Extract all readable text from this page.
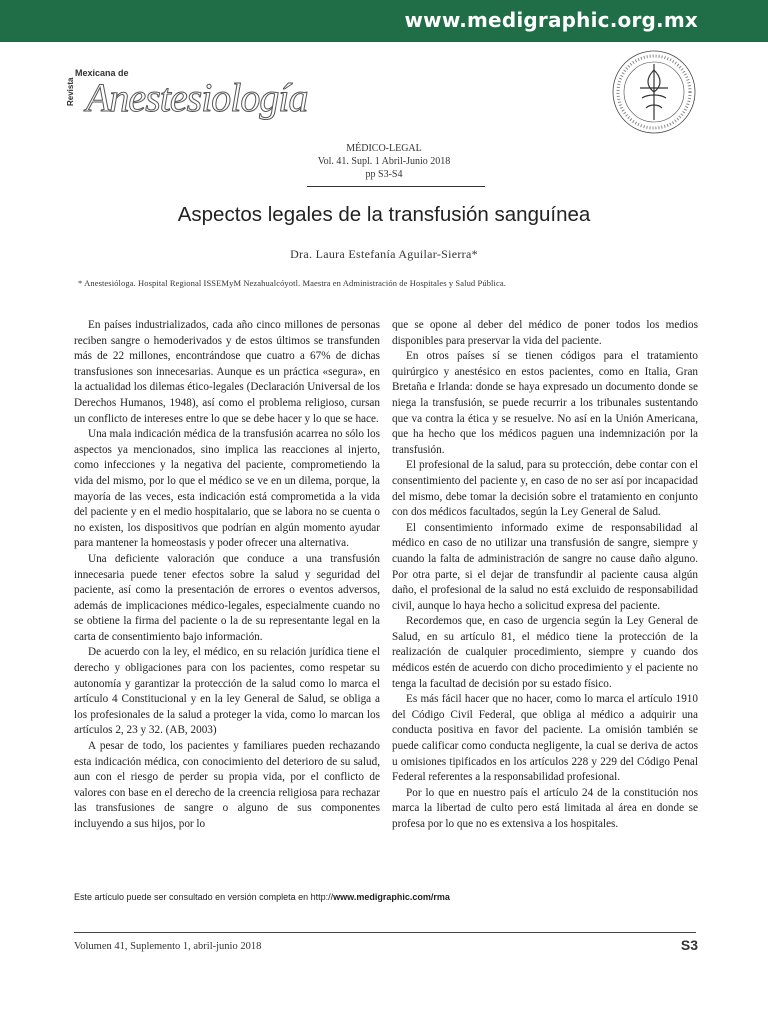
www.medigraphic.org.mx
Mexicana de
Revista Anestesiología
MÉDICO-LEGAL
Vol. 41. Supl. 1 Abril-Junio 2018
pp S3-S4
Aspectos legales de la transfusión sanguínea
Dra. Laura Estefanía Aguilar-Sierra*
* Anestesióloga. Hospital Regional ISSEMyM Nezahualcóyotl. Maestra en Administración de Hospitales y Salud Pública.

En países industrializados, cada año cinco millones de personas reciben sangre o hemoderivados y de estos últimos se transfunden más de 22 millones, encontrándose que cuatro a 67% de dichas transfusiones son innecesarias. Aunque es un práctica «segura», en la actualidad los dilemas ético-legales (Declaración Universal de los Derechos Humanos, 1948), así como el problema religioso, cursan un conflicto de intereses entre lo que se debe hacer y lo que se hace.

Una mala indicación médica de la transfusión acarrea no sólo los aspectos ya mencionados, sino implica las reacciones al injerto, como infecciones y la negativa del paciente, comprometiendo la vida del mismo, por lo que el médico se ve en un dilema, porque, la mayoría de las veces, esta indicación está comprometida a la vida del paciente y en el medio hospitalario, que se labora no se cuenta o no existen, los dispositivos que podrían en algún momento ayudar para mantener la homeostasis y poder ofrecer una alternativa.

Una deficiente valoración que conduce a una transfusión innecesaria puede tener efectos sobre la salud y seguridad del paciente, así como la presentación de errores o eventos adversos, además de implicaciones médico-legales, especialmente cuando no se obtiene la firma del paciente o la de su representante legal en la carta de consentimiento bajo información.

De acuerdo con la ley, el médico, en su relación jurídica tiene el derecho y obligaciones para con los pacientes, como respetar su autonomía y garantizar la protección de la salud como lo marca el artículo 4 Constitucional y en la ley General de Salud, se obliga a los profesionales de la salud a proteger la vida, como lo marcan los artículos 2, 23 y 32. (AB, 2003)

A pesar de todo, los pacientes y familiares pueden rechazando esta indicación médica, con conocimiento del deterioro de su salud, aun con el riesgo de perder su propia vida, por el conflicto de valores con base en el derecho de la creencia religiosa para rechazar las transfusiones de sangre o alguno de sus componentes incluyendo a sus hijos, por lo

que se opone al deber del médico de poner todos los medios disponibles para preservar la vida del paciente.

En otros países sí se tienen códigos para el tratamiento quirúrgico y anestésico en estos pacientes, como en Italia, Gran Bretaña e Irlanda: donde se haya expresado un documento donde se niega la transfusión, se puede recurrir a los tribunales sustentando que va contra la ética y se resuelve. No así en la Unión Americana, que ha hecho que los médicos paguen una indemnización por la transfusión.

El profesional de la salud, para su protección, debe contar con el consentimiento del paciente y, en caso de no ser así por incapacidad del mismo, debe tomar la decisión sobre el tratamiento en conjunto con dos médicos facultados, según la Ley General de Salud.

El consentimiento informado exime de responsabilidad al médico en caso de no utilizar una transfusión de sangre, siempre y cuando la falta de administración de sangre no cause daño alguno. Por otra parte, si el dejar de transfundir al paciente causa algún daño, el profesional de la salud no está excluido de responsabilidad civil, aunque lo haya hecho a solicitud expresa del paciente.

Recordemos que, en caso de urgencia según la Ley General de Salud, en su artículo 81, el médico tiene la protección de la realización de cualquier procedimiento, siempre y cuando dos médicos estén de acuerdo con dicho procedimiento y el paciente no tenga la facultad de decisión por su estado físico.

Es más fácil hacer que no hacer, como lo marca el artículo 1910 del Código Civil Federal, que obliga al médico a adquirir una conducta positiva en favor del paciente. La omisión también se puede calificar como conducta negligente, la cual se deriva de actos u omisiones tipificados en los artículos 228 y 229 del Código Penal Federal referentes a la responsabilidad profesional.

Por lo que en nuestro país el artículo 24 de la constitución nos marca la libertad de culto pero está limitada al área en donde se profesa por lo que no es extensiva a los hospitales.

Este artículo puede ser consultado en versión completa en http://www.medigraphic.com/rma
Volumen 41, Suplemento 1, abril-junio 2018	S3
